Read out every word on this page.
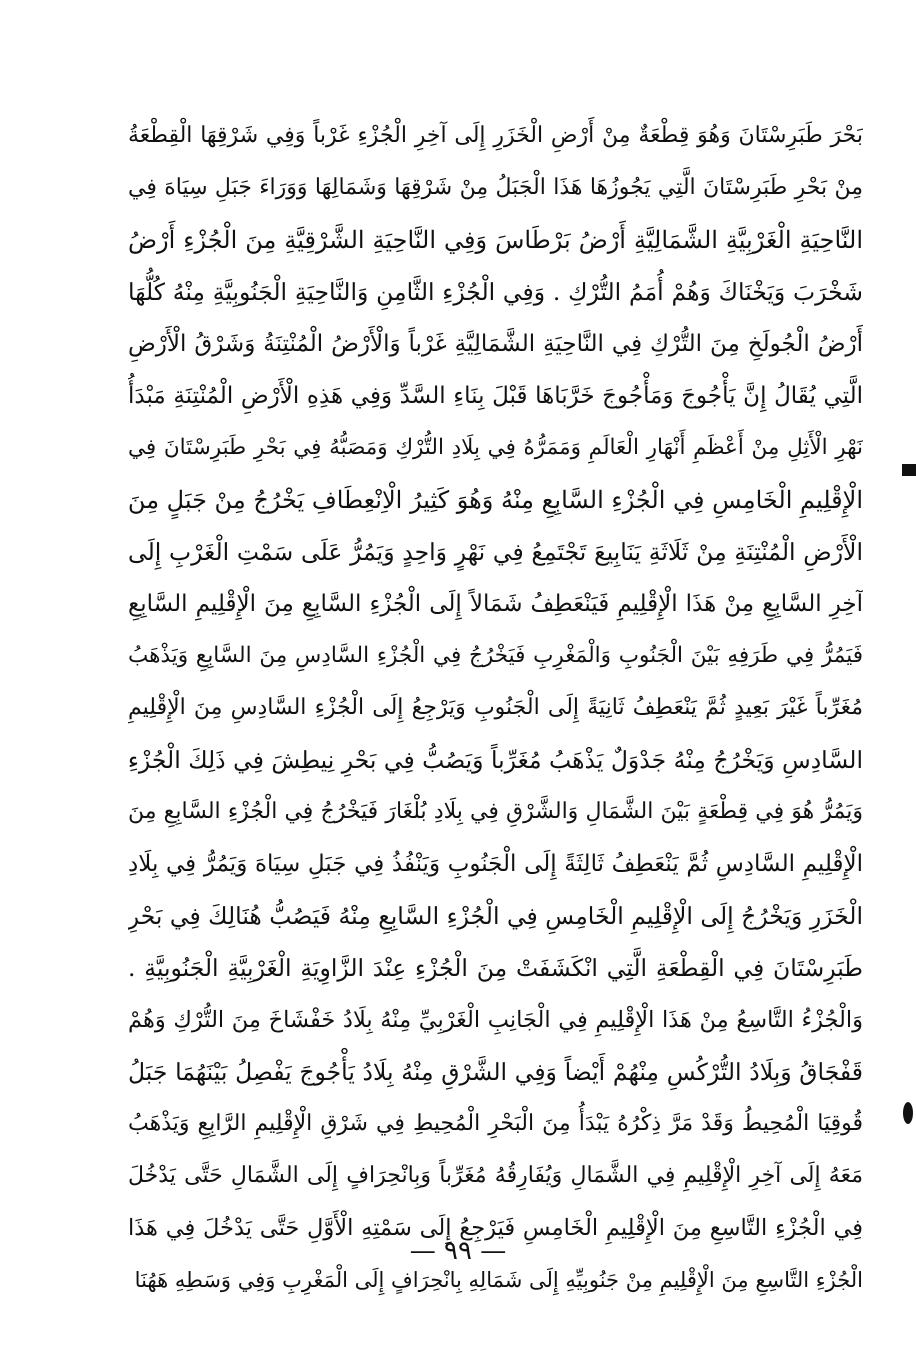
بَحْرَ طَبَرِسْتَانَ وَهُوَ قِطْعَةٌ مِنْ أَرْضِ الْخَزَرِ إِلَى آخِرِ الْجُزْءِ غَرْباً وَفِي شَرْقِهَا الْقِطْعَةُ
مِنْ بَحْرِ طَبَرِسْتَانَ الَّتِي يَجُوزُهَا هَذَا الْجَبَلُ مِنْ شَرْقِهَا وَشَمَالِهَا وَوَرَاءَ جَبَلِ سِيَاهَ فِي
النَّاحِيَةِ الْغَرْبِيَّةِ الشَّمَالِيَّةِ أَرْضُ بَرْطَاسَ وَفِي النَّاحِيَةِ الشَّرْقِيَّةِ مِنَ الْجُزْءِ أَرْضُ
شَخْرَبَ وَيَخْنَاكَ وَهُمْ أُمَمُ التُّرْكِ . وَفِي الْجُزْءِ الثَّامِنِ وَالنَّاحِيَةِ الْجَنُوبِيَّةِ مِنْهُ كُلُّهَا
أَرْضُ الْجُولَخِ مِنَ التُّرْكِ فِي النَّاحِيَةِ الشَّمَالِيَّةِ غَرْباً وَالْأَرْضُ الْمُنْتِنَةُ وَشَرْقُ الْأَرْضِ
الَّتِي يُقَالُ إِنَّ يَأْجُوجَ وَمَأْجُوجَ خَرَّبَاهَا قَبْلَ بِنَاءِ السَّدِّ وَفِي هَذِهِ الْأَرْضِ الْمُنْتِنَةِ مَبْدَأُ
نَهْرِ الْأَثِلِ مِنْ أَعْظَمِ أَنْهَارِ الْعَالَمِ وَمَمَرُّهُ فِي بِلَادِ التُّرْكِ وَمَصَبُّهُ فِي بَحْرِ طَبَرِسْتَانَ فِي
الْإِقْلِيمِ الْخَامِسِ فِي الْجُزْءِ السَّابِعِ مِنْهُ وَهُوَ كَثِيرُ الْاِنْعِطَافِ يَخْرُجُ مِنْ جَبَلٍ مِنَ
الْأَرْضِ الْمُنْتِنَةِ مِنْ ثَلَاثَةِ يَنَابِيعَ تَجْتَمِعُ فِي نَهْرٍ وَاحِدٍ وَيَمُرُّ عَلَى سَمْتِ الْغَرْبِ إِلَى
آخِرِ السَّابِعِ مِنْ هَذَا الْإِقْلِيمِ فَيَنْعَطِفُ شَمَالاً إِلَى الْجُزْءِ السَّابِعِ مِنَ الْإِقْلِيمِ السَّابِعِ
فَيَمُرُّ فِي طَرَفِهِ بَيْنَ الْجَنُوبِ وَالْمَغْرِبِ فَيَخْرُجُ فِي الْجُزْءِ السَّادِسِ مِنَ السَّابِعِ وَيَذْهَبُ
مُغَرِّباً غَيْرَ بَعِيدٍ ثُمَّ يَنْعَطِفُ ثَانِيَةً إِلَى الْجَنُوبِ وَيَرْجِعُ إِلَى الْجُزْءِ السَّادِسِ مِنَ الْإِقْلِيمِ
السَّادِسِ وَيَخْرُجُ مِنْهُ جَدْوَلٌ يَذْهَبُ مُغَرِّباً وَيَصُبُّ فِي بَحْرِ نِيطِشَ فِي ذَلِكَ الْجُزْءِ
وَيَمُرُّ هُوَ فِي قِطْعَةٍ بَيْنَ الشَّمَالِ وَالشَّرْقِ فِي بِلَادِ بُلْغَارَ فَيَخْرُجُ فِي الْجُزْءِ السَّابِعِ مِنَ
الْإِقْلِيمِ السَّادِسِ ثُمَّ يَنْعَطِفُ ثَالِثَةً إِلَى الْجَنُوبِ وَيَنْفُذُ فِي جَبَلِ سِيَاهَ وَيَمُرُّ فِي بِلَادِ
الْخَزَرِ وَيَخْرُجُ إِلَى الْإِقْلِيمِ الْخَامِسِ فِي الْجُزْءِ السَّابِعِ مِنْهُ فَيَصُبُّ هُنَالِكَ فِي بَحْرِ
طَبَرِسْتَانَ فِي الْقِطْعَةِ الَّتِي انْكَشَفَتْ مِنَ الْجُزْءِ عِنْدَ الزَّاوِيَةِ الْغَرْبِيَّةِ الْجَنُوبِيَّةِ .
وَالْجُزْءُ التَّاسِعُ مِنْ هَذَا الْإِقْلِيمِ فِي الْجَانِبِ الْغَرْبِيِّ مِنْهُ بِلَادُ خَفْشَاخَ مِنَ التُّرْكِ وَهُمْ
قَفْجَاقُ وَبِلَادُ التُّرْكُسِ مِنْهُمْ أَيْضاً وَفِي الشَّرْقِ مِنْهُ بِلَادُ يَأْجُوجَ يَفْصِلُ بَيْنَهُمَا جَبَلُ
قُوقِيَا الْمُحِيطُ وَقَدْ مَرَّ ذِكْرُهُ يَبْدَأُ مِنَ الْبَحْرِ الْمُحِيطِ فِي شَرْقِ الْإِقْلِيمِ الرَّابِعِ وَيَذْهَبُ
مَعَهُ إِلَى آخِرِ الْإِقْلِيمِ فِي الشَّمَالِ وَيُفَارِقُهُ مُغَرِّباً وَبِانْحِرَافٍ إِلَى الشَّمَالِ حَتَّى يَدْخُلَ
فِي الْجُزْءِ التَّاسِعِ مِنَ الْإِقْلِيمِ الْخَامِسِ فَيَرْجِعُ إِلَى سَمْتِهِ الْأَوَّلِ حَتَّى يَدْخُلَ فِي هَذَا
الْجُزْءِ التَّاسِعِ مِنَ الْإِقْلِيمِ مِنْ جَنُوبِيِّهِ إِلَى شَمَالِهِ بِانْحِرَافٍ إِلَى الْمَغْرِبِ وَفِي وَسَطِهِ هَهُنَا
— ٩٩ —
